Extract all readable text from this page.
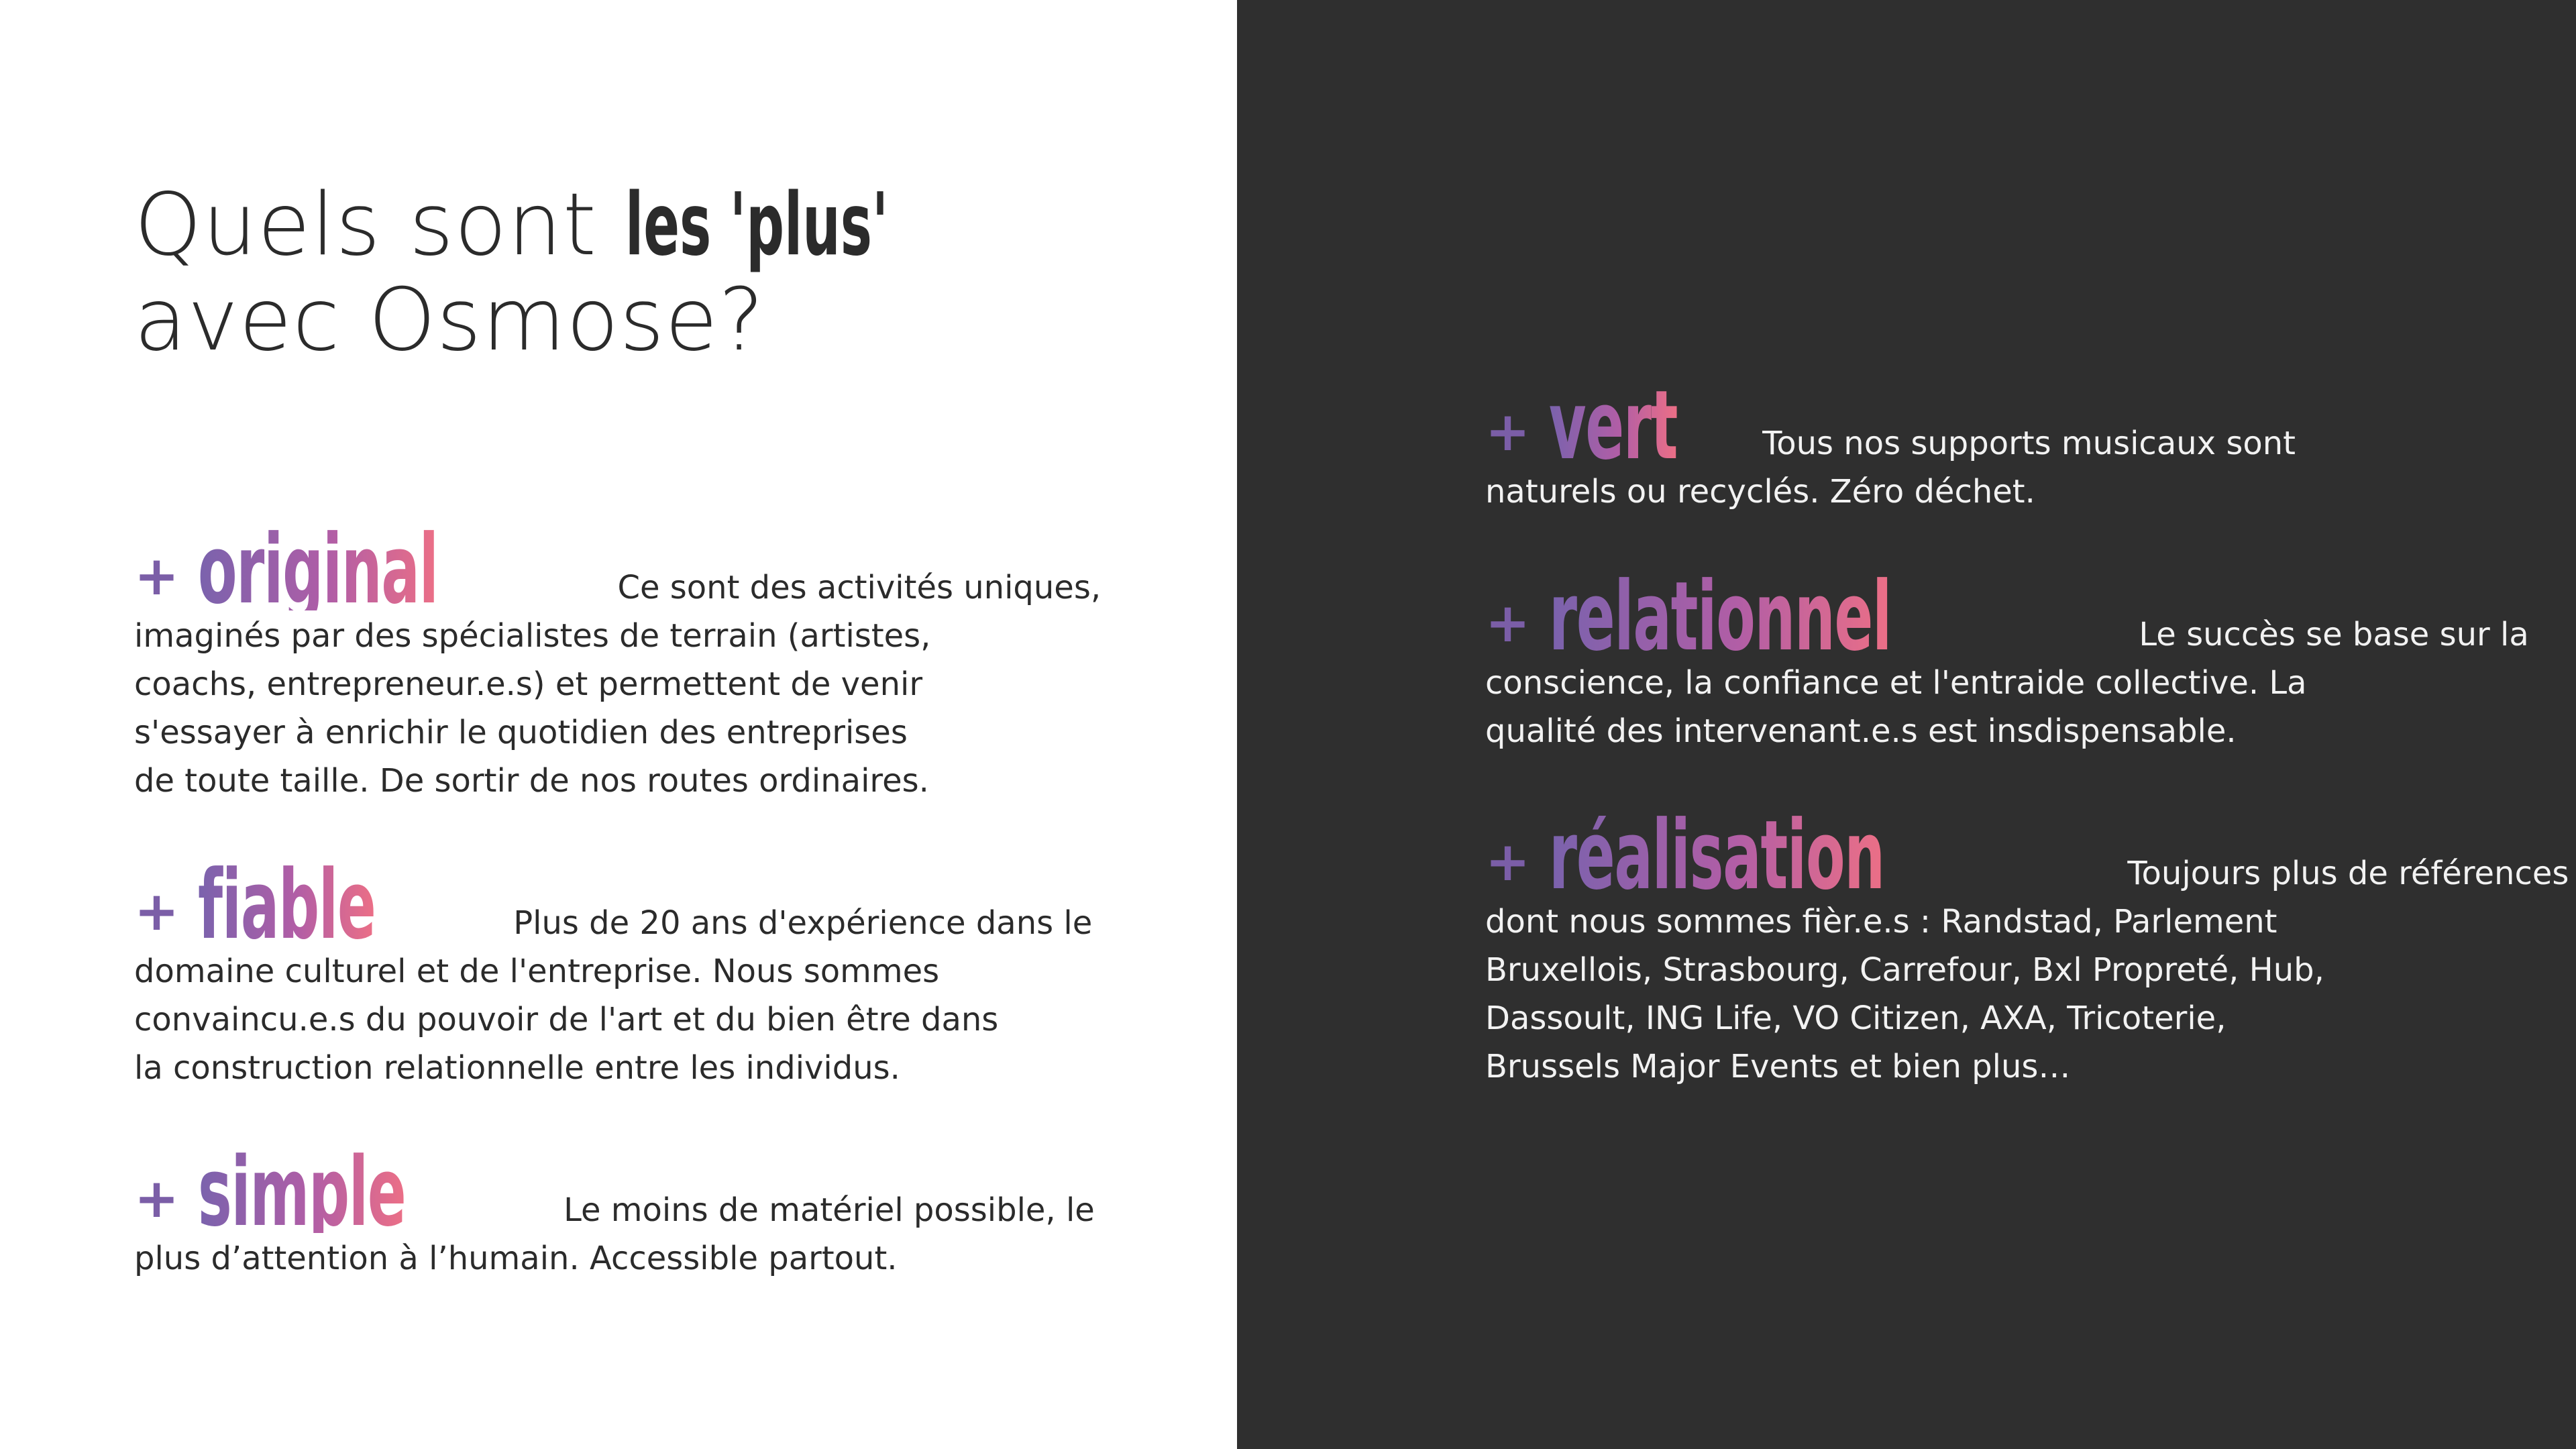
Quels sont les 'plus'
avec Osmose?

+ original	Ce sont des activités uniques,
imaginés par des spécialistes de terrain (artistes,
coachs, entrepreneur.e.s) et permettent de venir
s'essayer à enrichir le quotidien des entreprises
de toute taille. De sortir de nos routes ordinaires.

+ fiable	Plus de 20 ans d'expérience dans le
domaine culturel et de l'entreprise. Nous sommes
convaincu.e.s du pouvoir de l'art et du bien être dans
la construction relationnelle entre les individus.

+ simple	Le moins de matériel possible, le
plus d’attention à l’humain. Accessible partout.

+ vert	Tous nos supports musicaux sont
naturels ou recyclés. Zéro déchet.

+ relationnel	Le succès se base sur la
conscience, la confiance et l'entraide collective. La
qualité des intervenant.e.s est insdispensable.

+ réalisation	Toujours plus de références
dont nous sommes fièr.e.s : Randstad, Parlement
Bruxellois, Strasbourg, Carrefour, Bxl Propreté, Hub,
Dassoult, ING Life, VO Citizen, AXA, Tricoterie,
Brussels Major Events et bien plus…
